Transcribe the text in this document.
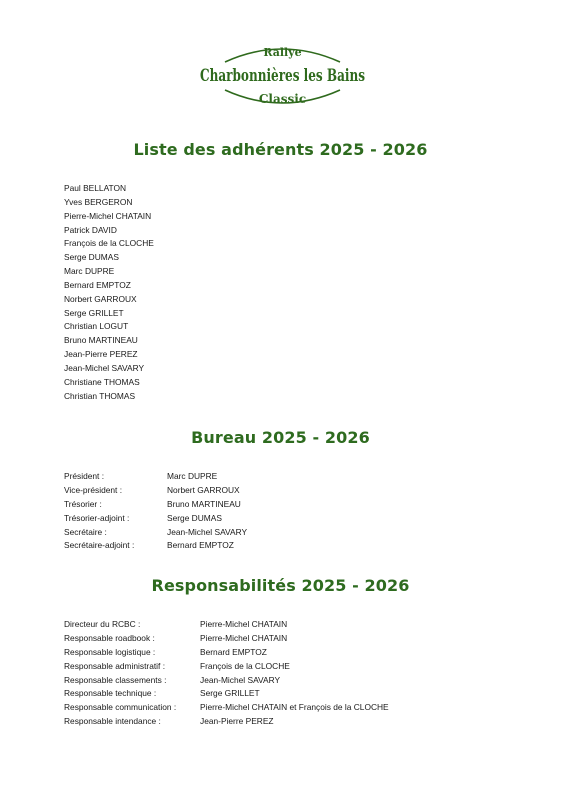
Rallye
Charbonnières les Bains
Classic
Liste des adhérents 2025 - 2026
Paul BELLATON
Yves BERGERON
Pierre-Michel CHATAIN
Patrick DAVID
François de la CLOCHE
Serge DUMAS
Marc DUPRE
Bernard EMPTOZ
Norbert GARROUX
Serge GRILLET
Christian LOGUT
Bruno MARTINEAU
Jean-Pierre PEREZ
Jean-Michel SAVARY
Christiane THOMAS
Christian THOMAS
Bureau 2025 - 2026
Président :	Marc DUPRE
Vice-président :	Norbert GARROUX
Trésorier :	Bruno MARTINEAU
Trésorier-adjoint :	Serge DUMAS
Secrétaire :	Jean-Michel SAVARY
Secrétaire-adjoint :	Bernard EMPTOZ
Responsabilités 2025 - 2026
Directeur du RCBC :	Pierre-Michel CHATAIN
Responsable roadbook :	Pierre-Michel CHATAIN
Responsable logistique :	Bernard EMPTOZ
Responsable administratif :	François de la CLOCHE
Responsable classements :	Jean-Michel SAVARY
Responsable technique :	Serge GRILLET
Responsable communication :	Pierre-Michel CHATAIN et François de la CLOCHE
Responsable intendance :	Jean-Pierre PEREZ
